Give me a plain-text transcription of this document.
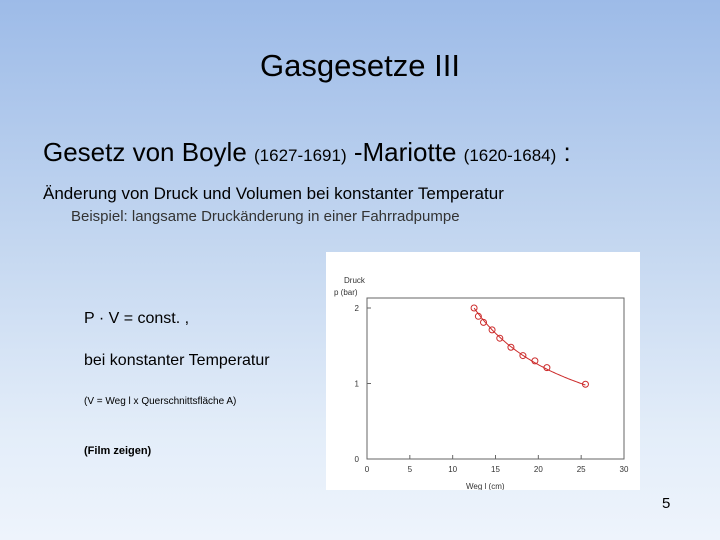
Gasgesetze III
Gesetz von Boyle (1627-1691) -Mariotte (1620-1684) :
Änderung von Druck und Volumen bei konstanter Temperatur
Beispiel: langsame Druckänderung in einer Fahrradpumpe
Druck
p (bar)
Weg l (cm)
0	5	10	15	20	25	30
0
1
2
P · V = const. ,
bei konstanter Temperatur
(V = Weg l x Querschnittsfläche A)
(Film zeigen)
5
